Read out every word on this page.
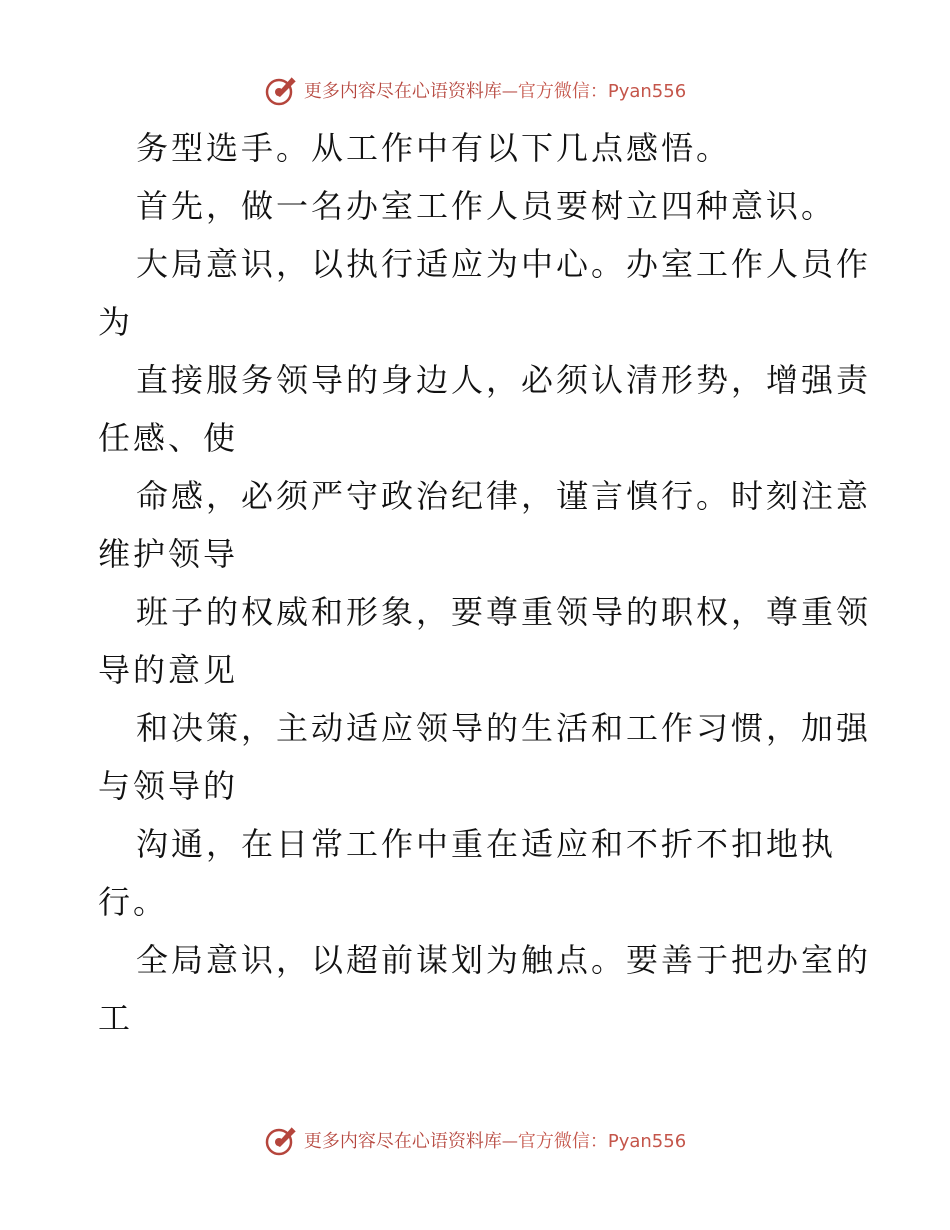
更多内容尽在心语资料库 — 官方微信：Pyan556
务型选手。从工作中有以下几点感悟。
首先，做一名办室工作人员要树立四种意识。
大局意识，以执行适应为中心。办室工作人员作
为
直接服务领导的身边人，必须认清形势，增强责
任感、使
命感，必须严守政治纪律，谨言慎行。时刻注意
维护领导
班子的权威和形象，要尊重领导的职权，尊重领
导的意见
和决策，主动适应领导的生活和工作习惯，加强
与领导的
沟通，在日常工作中重在适应和不折不扣地执
行。
全局意识，以超前谋划为触点。要善于把办室的
工
更多内容尽在心语资料库 — 官方微信：Pyan556
